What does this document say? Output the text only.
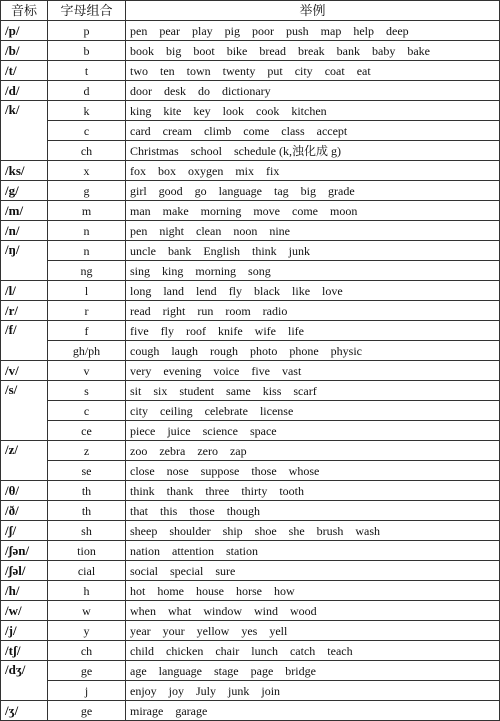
音标	字母组合	举例
/p/	p	pen pear play pig poor push map help deep
/b/	b	book big boot bike bread break bank baby bake
/t/	t	two ten town twenty put city coat eat
/d/	d	door desk do dictionary
/k/	k	king kite key look cook kitchen
	c	card cream climb come class accept
	ch	Christmas school schedule (k,浊化成 g)
/ks/	x	fox box oxygen mix fix
/g/	g	girl good go language tag big grade
/m/	m	man make morning move come moon
/n/	n	pen night clean noon nine
/ŋ/	n	uncle bank English think junk
	ng	sing king morning song
/l/	l	long land lend fly black like love
/r/	r	read right run room radio
/f/	f	five fly roof knife wife life
	gh/ph	cough laugh rough photo phone physic
/v/	v	very evening voice five vast
/s/	s	sit six student same kiss scarf
	c	city ceiling celebrate license
	ce	piece juice science space
/z/	z	zoo zebra zero zap
	se	close nose suppose those whose
/θ/	th	think thank three thirty tooth
/ð/	th	that this those though
/ʃ/	sh	sheep shoulder ship shoe she brush wash
/ʃən/	tion	nation attention station
/ʃəl/	cial	social special sure
/h/	h	hot home house horse how
/w/	w	when what window wind wood
/j/	y	year your yellow yes yell
/tʃ/	ch	child chicken chair lunch catch teach
/dʒ/	ge	age language stage page bridge
	j	enjoy joy July junk join
/ʒ/	ge	mirage garage
